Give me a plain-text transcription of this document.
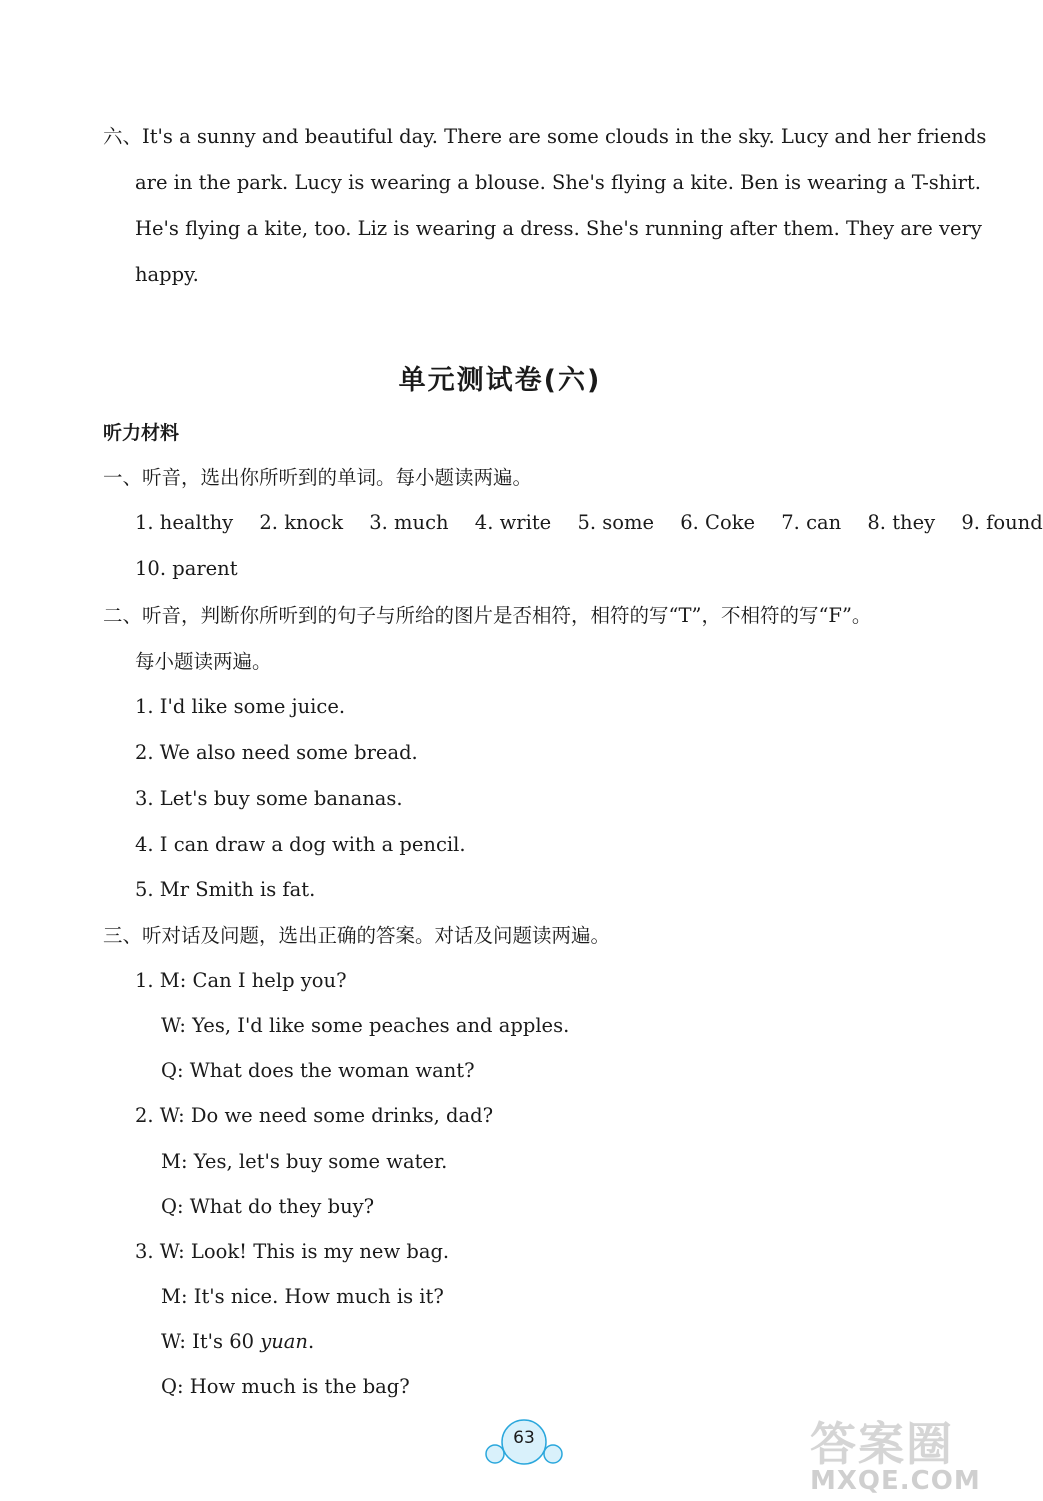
六、It's a sunny and beautiful day. There are some clouds in the sky. Lucy and her friends
are in the park. Lucy is wearing a blouse. She's flying a kite. Ben is wearing a T-shirt.
He's flying a kite, too. Liz is wearing a dress. She's running after them. They are very
happy.
单元测试卷(六)
听力材料
一、听音，选出你所听到的单词。每小题读两遍。
1. healthy 2. knock 3. much 4. write 5. some 6. Coke 7. can 8. they 9. found
10. parent
二、听音，判断你所听到的句子与所给的图片是否相符，相符的写“T”，不相符的写“F”。
每小题读两遍。
1. I'd like some juice.
2. We also need some bread.
3. Let's buy some bananas.
4. I can draw a dog with a pencil.
5. Mr Smith is fat.
三、听对话及问题，选出正确的答案。对话及问题读两遍。
1. M: Can I help you?
W: Yes, I'd like some peaches and apples.
Q: What does the woman want?
2. W: Do we need some drinks, dad?
M: Yes, let's buy some water.
Q: What do they buy?
3. W: Look! This is my new bag.
M: It's nice. How much is it?
W: It's 60 yuan.
Q: How much is the bag?
63	答案圈
MXQE.COM
